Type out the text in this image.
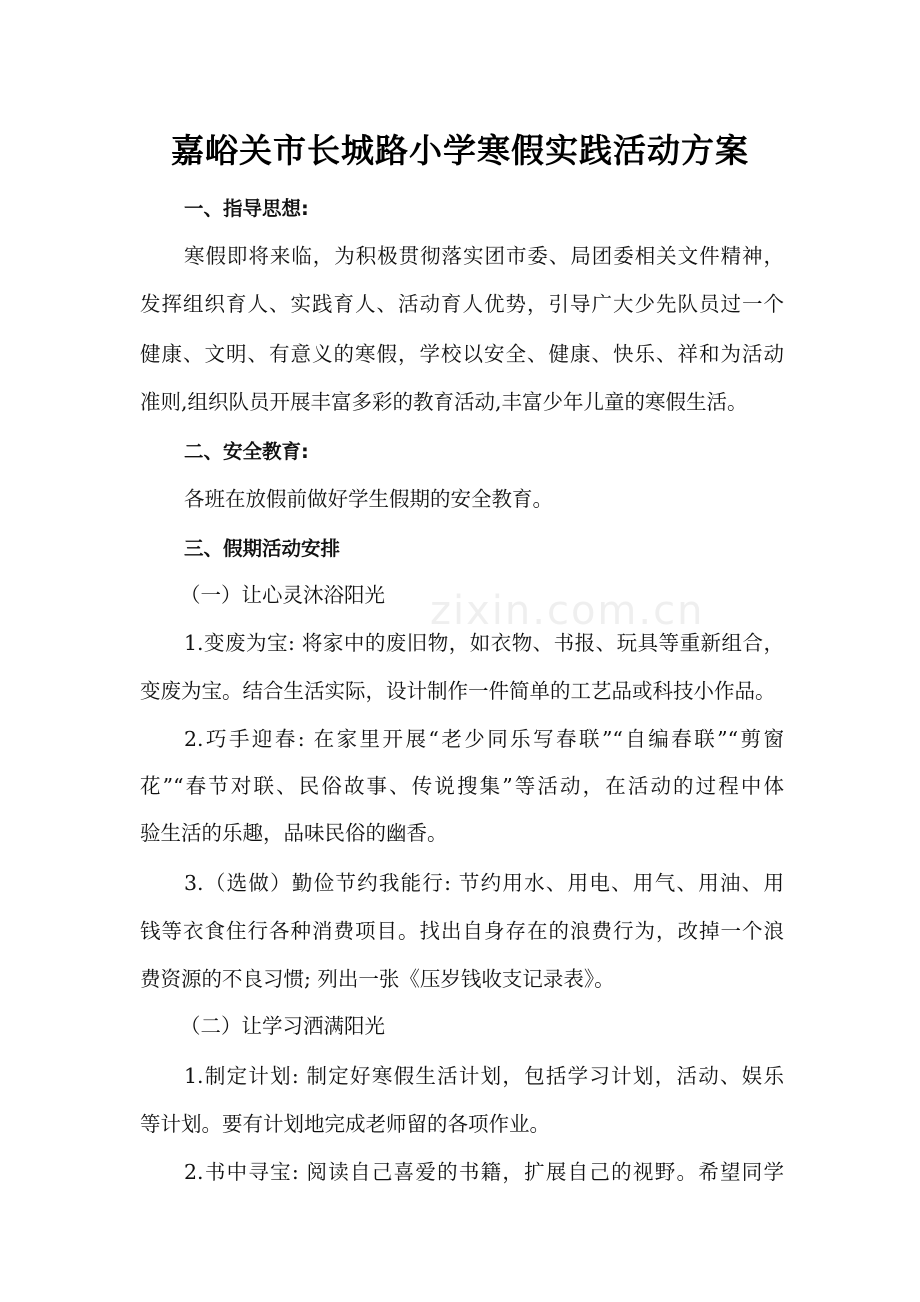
嘉峪关市长城路小学寒假实践活动方案
一、指导思想:
寒假即将来临，为积极贯彻落实团市委、局团委相关文件精神，
发挥组织育人、实践育人、活动育人优势，引导广大少先队员过一个
健康、文明、有意义的寒假，学校以安全、健康、快乐、祥和为活动
准则,组织队员开展丰富多彩的教育活动,丰富少年儿童的寒假生活。
二、安全教育:
各班在放假前做好学生假期的安全教育。
三、假期活动安排
（一）让心灵沐浴阳光
1.变废为宝: 将家中的废旧物，如衣物、书报、玩具等重新组合，
变废为宝。结合生活实际，设计制作一件简单的工艺品或科技小作品。
2.巧手迎春: 在家里开展“老少同乐写春联”“自编春联”“剪窗
花”“春节对联、民俗故事、传说搜集”等活动，在活动的过程中体
验生活的乐趣，品味民俗的幽香。
3.（选做）勤俭节约我能行: 节约用水、用电、用气、用油、用
钱等衣食住行各种消费项目。找出自身存在的浪费行为，改掉一个浪
费资源的不良习惯; 列出一张《压岁钱收支记录表》。
（二）让学习洒满阳光
1.制定计划: 制定好寒假生活计划，包括学习计划，活动、娱乐
等计划。要有计划地完成老师留的各项作业。
2.书中寻宝: 阅读自己喜爱的书籍，扩展自己的视野。希望同学
zixin.com.cn
